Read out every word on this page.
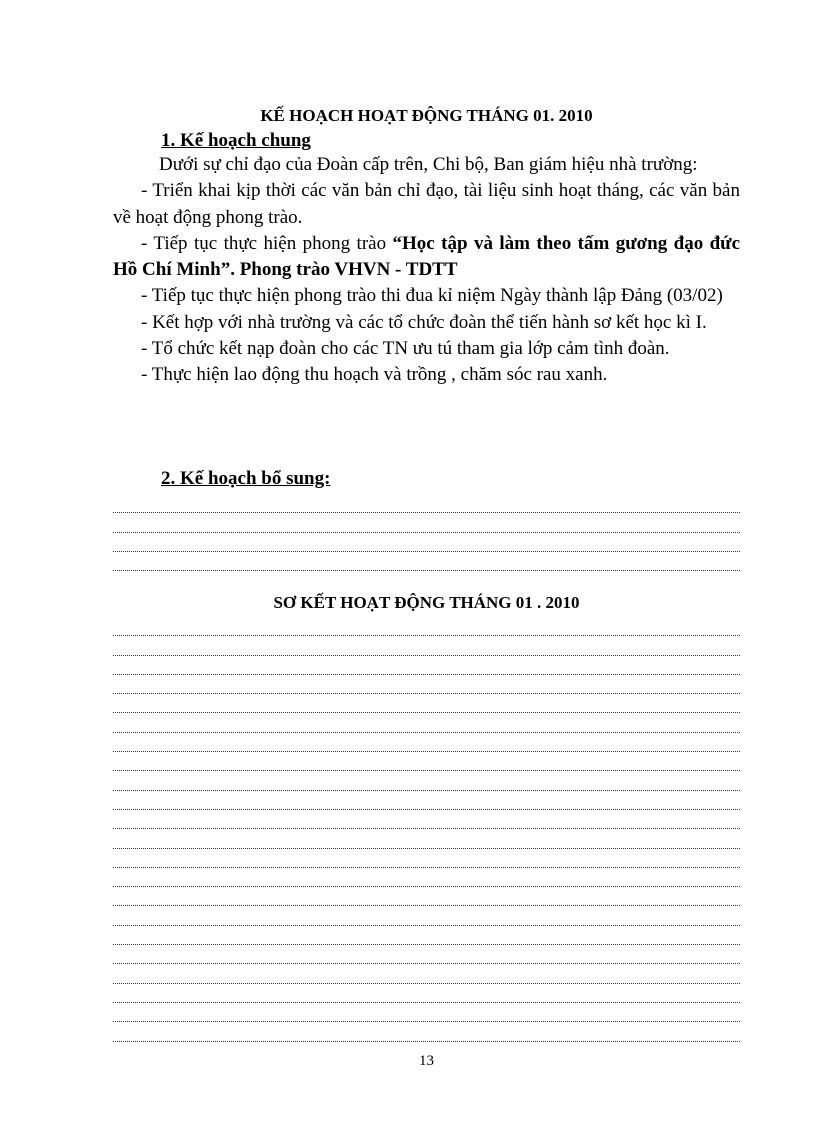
KẾ HOẠCH HOẠT ĐỘNG THÁNG 01. 2010
1. Kế hoạch chung

Dưới sự chỉ đạo của Đoàn cấp trên, Chi bộ, Ban giám hiệu nhà trường:

- Triển khai kịp thời các văn bản chỉ đạo, tài liệu sinh hoạt tháng, các văn bản về hoạt động phong trào.

- Tiếp tục thực hiện phong trào “Học tập và làm theo tấm gương đạo đức Hồ Chí Minh”. Phong trào VHVN - TDTT

- Tiếp tục thực hiện phong trào thi đua kỉ niệm Ngày thành lập Đảng (03/02)

- Kết hợp với nhà trường và các tổ chức đoàn thể tiến hành sơ kết học kì I.

- Tổ chức kết nạp đoàn cho các TN ưu tú tham gia lớp cảm tình đoàn.

- Thực hiện lao động thu hoạch và trồng , chăm sóc rau xanh.

2. Kế hoạch bổ sung:
SƠ KẾT HOẠT ĐỘNG THÁNG 01 . 2010
13
